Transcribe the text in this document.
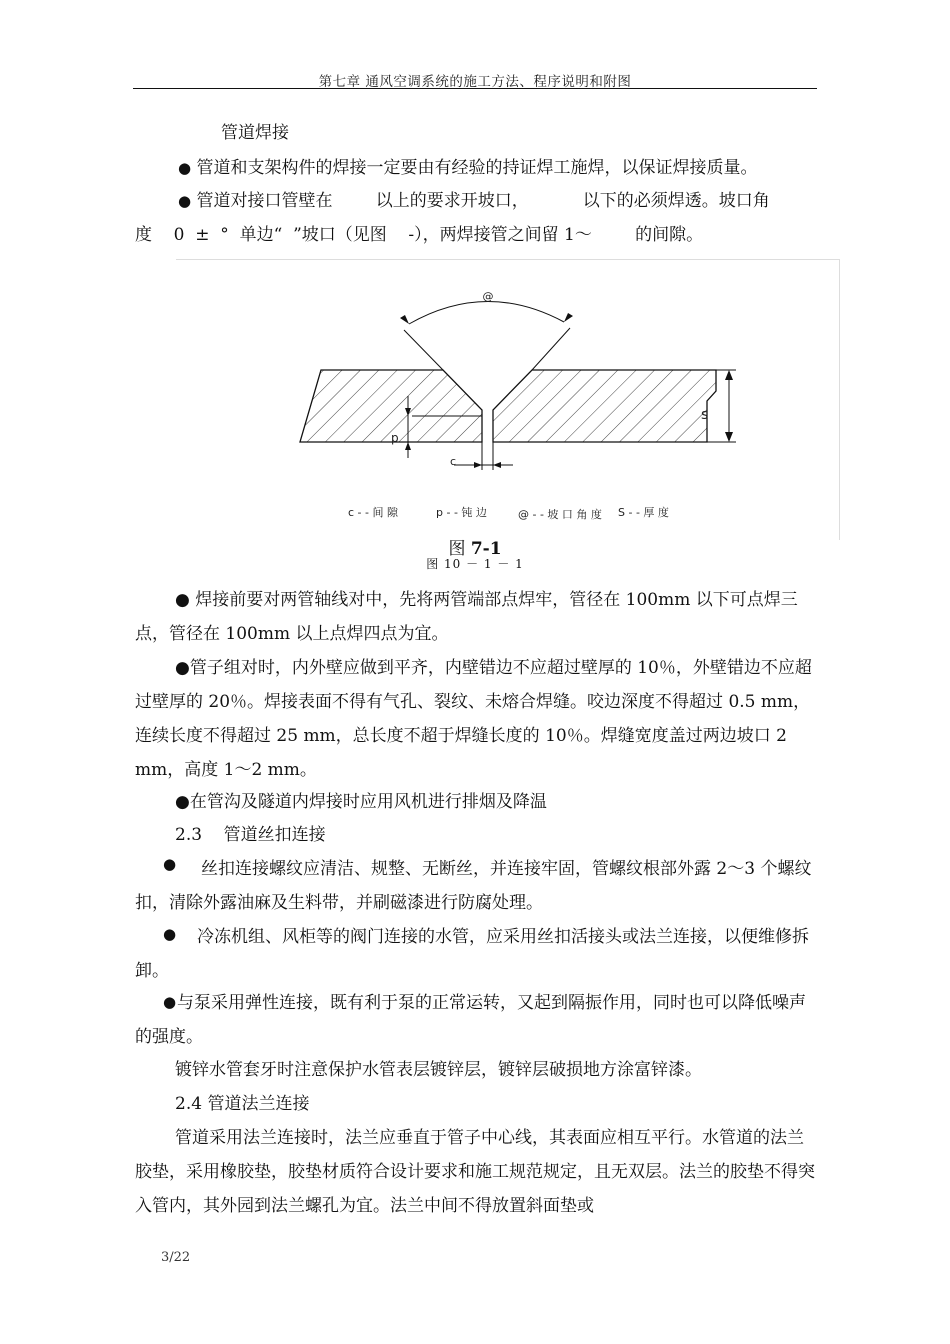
第七章 通风空调系统的施工方法、程序说明和附图
管道焊接
● 管道和支架构件的焊接一定要由有经验的持证焊工施焊，以保证焊接质量。
● 管道对接口管壁在        以上的要求开坡口，          以下的必须焊透。坡口角
度    0  ±  °  单边“  ”坡口（见图    -），两焊接管之间留 1～        的间隙。
@
s
p
c
c - - 间 隙	p - - 钝 边	@ - - 坡 口 角 度 S - - 厚 度
图 7-1
图 10 － 1 － 1

● 焊接前要对两管轴线对中，先将两管端部点焊牢，管径在 100mm 以下可点焊三点，管径在 100mm 以上点焊四点为宜。

●管子组对时，内外壁应做到平齐，内壁错边不应超过壁厚的 10％，外壁错边不应超过壁厚的 20％。焊接表面不得有气孔、裂纹、未熔合焊缝。咬边深度不得超过 0.5 mm，连续长度不得超过 25 mm，总长度不超于焊缝长度的 10％。焊缝宽度盖过两边坡口 2 mm，高度 1～2 mm。

●在管沟及隧道内焊接时应用风机进行排烟及降温

2.3    管道丝扣连接

●	丝扣连接螺纹应清洁、规整、无断丝，并连接牢固，管螺纹根部外露 2～3 个螺纹扣，清除外露油麻及生料带，并刷磁漆进行防腐处理。

●	冷冻机组、风柜等的阀门连接的水管，应采用丝扣活接头或法兰连接，以便维修拆卸。

● 与泵采用弹性连接，既有利于泵的正常运转，又起到隔振作用，同时也可以降低噪声的强度。

镀锌水管套牙时注意保护水管表层镀锌层，镀锌层破损地方涂富锌漆。

2.4 管道法兰连接

管道采用法兰连接时，法兰应垂直于管子中心线，其表面应相互平行。水管道的法兰胶垫，采用橡胶垫，胶垫材质符合设计要求和施工规范规定，且无双层。法兰的胶垫不得突入管内，其外园到法兰螺孔为宜。法兰中间不得放置斜面垫或

3/22
